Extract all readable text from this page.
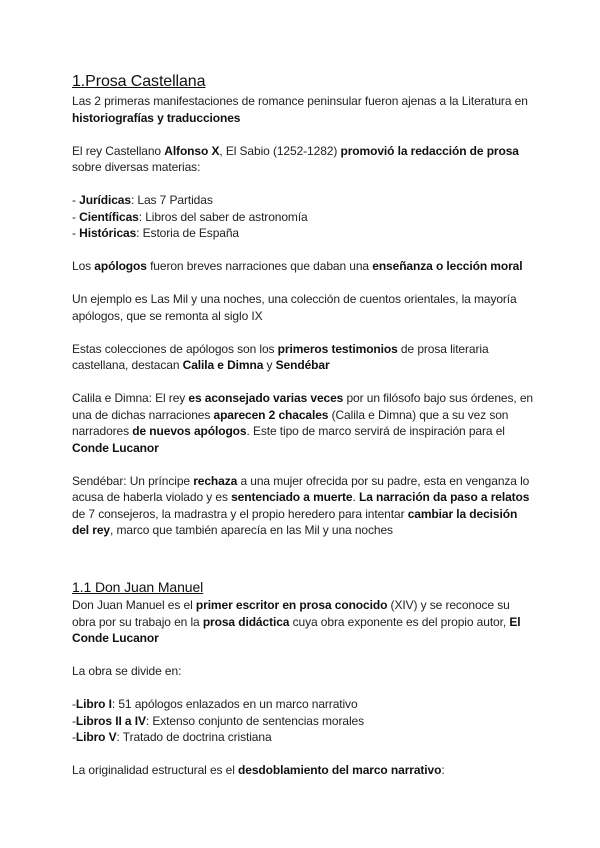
1.Prosa Castellana

Las 2 primeras manifestaciones de romance peninsular fueron ajenas a la Literatura en historiografías y traducciones

El rey Castellano Alfonso X, El Sabio (1252-1282) promovió la redacción de prosa sobre diversas materias:

- Jurídicas: Las 7 Partidas

- Científicas: Libros del saber de astronomía

- Históricas: Estoria de España

Los apólogos fueron breves narraciones que daban una enseñanza o lección moral

Un ejemplo es Las Mil y una noches, una colección de cuentos orientales, la mayoría apólogos, que se remonta al siglo IX

Estas colecciones de apólogos son los primeros testimonios de prosa literaria castellana, destacan Calila e Dimna y Sendébar

Calila e Dimna: El rey es aconsejado varias veces por un filósofo bajo sus órdenes, en una de dichas narraciones aparecen 2 chacales (Calila e Dimna) que a su vez son narradores de nuevos apólogos. Este tipo de marco servirá de inspiración para el Conde Lucanor

Sendébar: Un príncipe rechaza a una mujer ofrecida por su padre, esta en venganza lo acusa de haberla violado y es sentenciado a muerte. La narración da paso a relatos de 7 consejeros, la madrastra y el propio heredero para intentar cambiar la decisión del rey, marco que también aparecía en las Mil y una noches

1.1 Don Juan Manuel

Don Juan Manuel es el primer escritor en prosa conocido (XIV) y se reconoce su obra por su trabajo en la prosa didáctica cuya obra exponente es del propio autor, El Conde Lucanor

La obra se divide en:

-Libro I: 51 apólogos enlazados en un marco narrativo

-Libros II a IV: Extenso conjunto de sentencias morales

-Libro V: Tratado de doctrina cristiana

La originalidad estructural es el desdoblamiento del marco narrativo:
